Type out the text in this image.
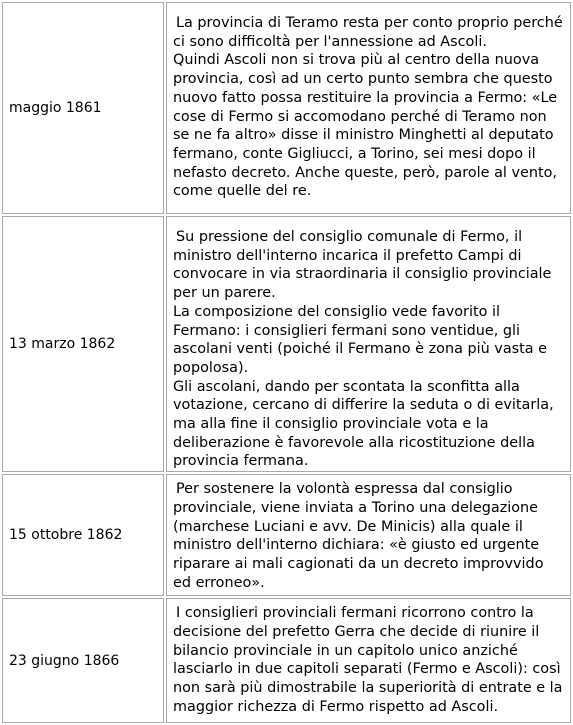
maggio 1861	La provincia di Teramo resta per conto proprio perché ci sono difficoltà per l'annessione ad Ascoli.

Quindi Ascoli non si trova più al centro della nuova provincia, così ad un certo punto sembra che questo nuovo fatto possa restituire la provincia a Fermo: «Le cose di Fermo si accomodano perché di Teramo non se ne fa altro» disse il ministro Minghetti al deputato fermano, conte Gigliucci, a Torino, sei mesi dopo il nefasto decreto. Anche queste, però, parole al vento, come quelle del re.

13 marzo 1862	Su pressione del consiglio comunale di Fermo, il ministro dell'interno incarica il prefetto Campi di convocare in via straordinaria il consiglio provinciale per un parere.

La composizione del consiglio vede favorito il Fermano: i consiglieri fermani sono ventidue, gli ascolani venti (poiché il Fermano è zona più vasta e popolosa).

Gli ascolani, dando per scontata la sconfitta alla votazione, cercano di differire la seduta o di evitarla, ma alla fine il consiglio provinciale vota e la deliberazione è favorevole alla ricostituzione della provincia fermana.

15 ottobre 1862	Per sostenere la volontà espressa dal consiglio provinciale, viene inviata a Torino una delegazione (marchese Luciani e avv. De Minicis) alla quale il ministro dell'interno dichiara: «è giusto ed urgente riparare ai mali cagionati da un decreto improvvido ed erroneo».

23 giugno 1866	I consiglieri provinciali fermani ricorrono contro la decisione del prefetto Gerra che decide di riunire il bilancio provinciale in un capitolo unico anziché lasciarlo in due capitoli separati (Fermo e Ascoli): così non sarà più dimostrabile la superiorità di entrate e la maggior richezza di Fermo rispetto ad Ascoli.
